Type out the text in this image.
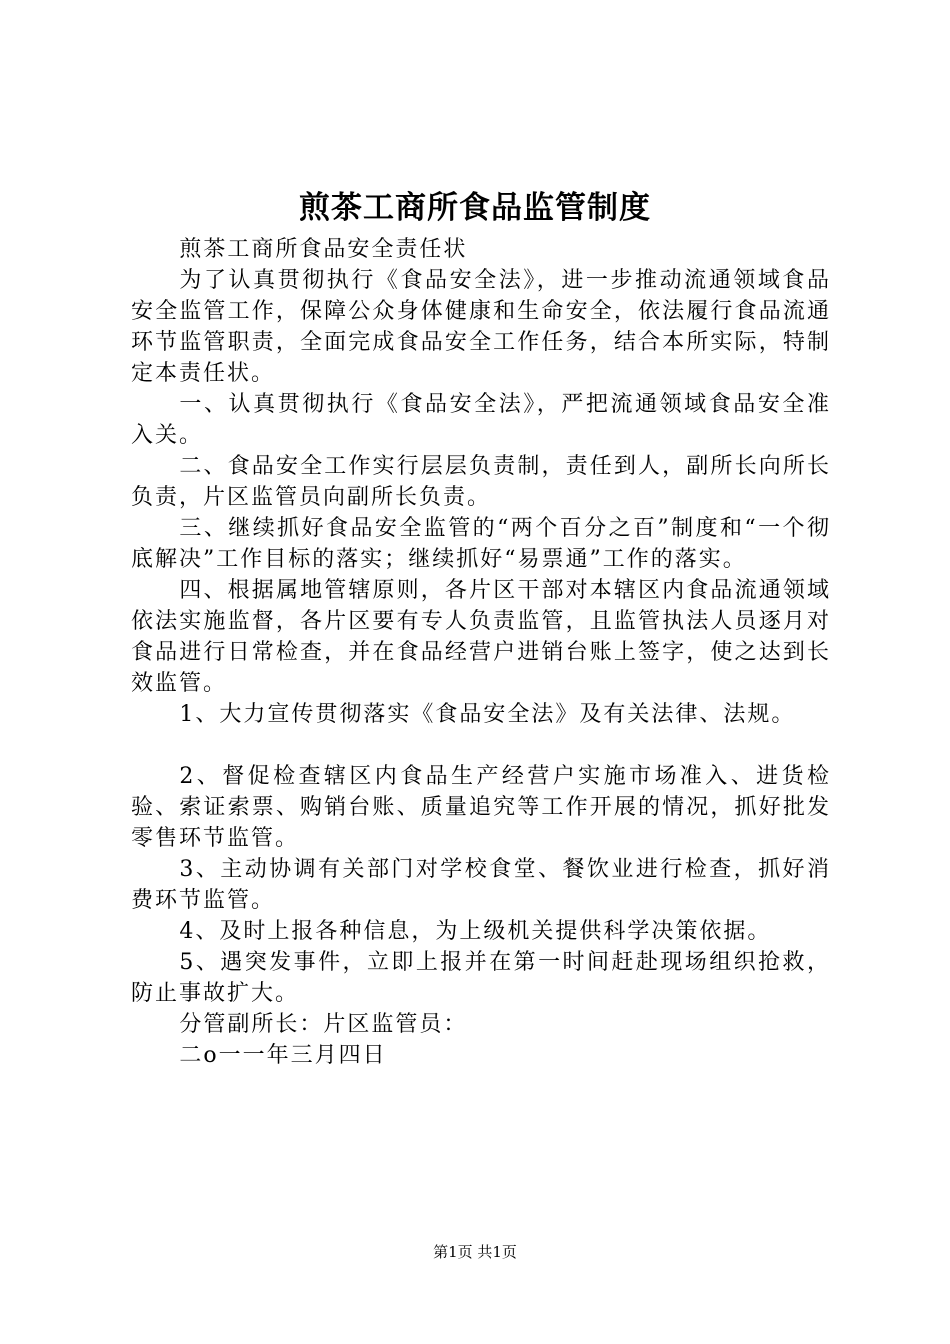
煎茶工商所食品监管制度

煎茶工商所食品安全责任状

为了认真贯彻执行《食品安全法》，进一步推动流通领域食品安全监管工作，保障公众身体健康和生命安全，依法履行食品流通环节监管职责，全面完成食品安全工作任务，结合本所实际，特制定本责任状。

一、认真贯彻执行《食品安全法》，严把流通领域食品安全准入关。

二、食品安全工作实行层层负责制，责任到人，副所长向所长负责，片区监管员向副所长负责。

三、继续抓好食品安全监管的“两个百分之百”制度和“一个彻底解决”工作目标的落实；继续抓好“易票通”工作的落实。

四、根据属地管辖原则，各片区干部对本辖区内食品流通领域依法实施监督，各片区要有专人负责监管，且监管执法人员逐月对食品进行日常检查，并在食品经营户进销台账上签字，使之达到长效监管。

1、大力宣传贯彻落实《食品安全法》及有关法律、法规。

2、督促检查辖区内食品生产经营户实施市场准入、进货检验、索证索票、购销台账、质量追究等工作开展的情况，抓好批发零售环节监管。

3、主动协调有关部门对学校食堂、餐饮业进行检查，抓好消费环节监管。

4、及时上报各种信息，为上级机关提供科学决策依据。

5、遇突发事件，立即上报并在第一时间赶赴现场组织抢救，防止事故扩大。

分管副所长：片区监管员：

二o一一年三月四日

第1页 共1页
